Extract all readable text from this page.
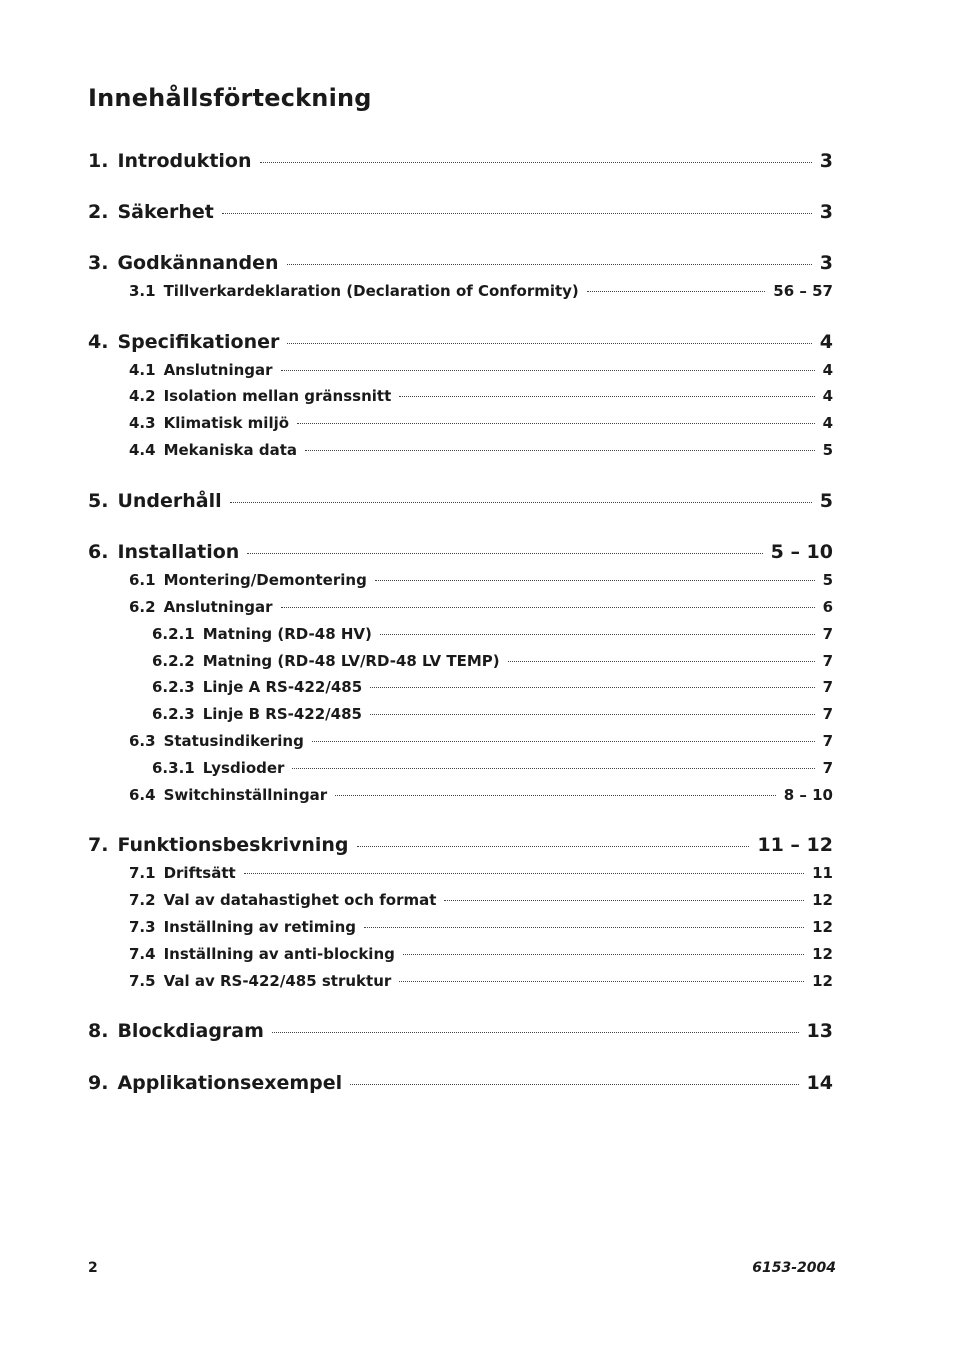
Innehållsförteckning
1. Introduktion	3
2. Säkerhet	3
3. Godkännanden	3
3.1 Tillverkardeklaration (Declaration of Conformity)	56 – 57
4. Specifikationer	4
4.1 Anslutningar	4
4.2 Isolation mellan gränssnitt	4
4.3 Klimatisk miljö	4
4.4 Mekaniska data	5
5. Underhåll	5
6. Installation	5 – 10
6.1 Montering/Demontering	5
6.2 Anslutningar	6
6.2.1 Matning (RD-48 HV)	7
6.2.2 Matning (RD-48 LV/RD-48 LV TEMP)	7
6.2.3 Linje A RS-422/485	7
6.2.3 Linje B RS-422/485	7
6.3 Statusindikering	7
6.3.1 Lysdioder	7
6.4 Switchinställningar	8 – 10
7. Funktionsbeskrivning	11 – 12
7.1 Driftsätt	11
7.2 Val av datahastighet och format	12
7.3 Inställning av retiming	12
7.4 Inställning av anti-blocking	12
7.5 Val av RS-422/485 struktur	12
8. Blockdiagram	13
9. Applikationsexempel	14
2	6153-2004
